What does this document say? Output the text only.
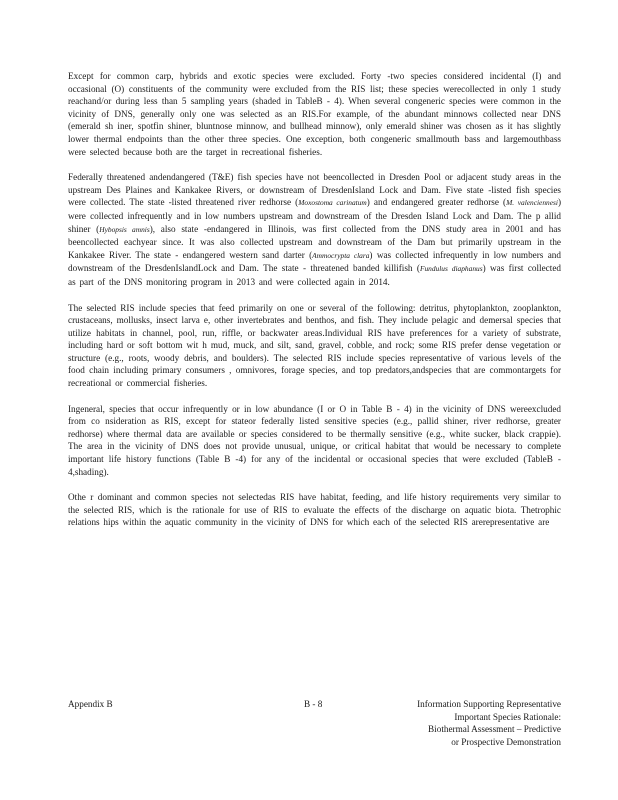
Except for common carp, hybrids and exotic species were excluded. Forty -two species considered incidental (I) and occasional (O) constituents of the community were excluded from the RIS list; these species werecollected in only 1 study reachand/or during less than 5 sampling years (shaded in TableB - 4). When several congeneric species were common in the vicinity of DNS, generally only one was selected as an RIS.For example, of the abundant minnows collected near DNS (emerald sh iner, spotfin shiner, bluntnose minnow, and bullhead minnow), only emerald shiner was chosen as it has slightly lower thermal endpoints than the other three species. One exception, both congeneric smallmouth bass and largemouthbass were selected because both are the target in recreational fisheries.

Federally threatened andendangered (T&E) fish species have not beencollected in Dresden Pool or adjacent study areas in the upstream Des Plaines and Kankakee Rivers, or downstream of DresdenIsland Lock and Dam. Five state -listed fish species were collected. The state -listed threatened river redhorse (Moxostoma carinatum) and endangered greater redhorse (M. valenciennesi) were collected infrequently and in low numbers upstream and downstream of the Dresden Island Lock and Dam. The p allid shiner (Hybopsis amnis), also state -endangered in Illinois, was first collected from the DNS study area in 2001 and has beencollected eachyear since. It was also collected upstream and downstream of the Dam but primarily upstream in the Kankakee River. The state - endangered western sand darter (Ammocrypta clara) was collected infrequently in low numbers and downstream of the DresdenIslandLock and Dam. The state - threatened banded killifish (Fundulus diaphanus) was first collected as part of the DNS monitoring program in 2013 and were collected again in 2014.

The selected RIS include species that feed primarily on one or several of the following: detritus, phytoplankton, zooplankton, crustaceans, mollusks, insect larva e, other invertebrates and benthos, and fish. They include pelagic and demersal species that utilize habitats in channel, pool, run, riffle, or backwater areas.Individual RIS have preferences for a variety of substrate, including hard or soft bottom wit h mud, muck, and silt, sand, gravel, cobble, and rock; some RIS prefer dense vegetation or structure (e.g., roots, woody debris, and boulders). The selected RIS include species representative of various levels of the food chain including primary consumers , omnivores, forage species, and top predators,andspecies that are commontargets for recreational or commercial fisheries.

Ingeneral, species that occur infrequently or in low abundance (I or O in Table B - 4) in the vicinity of DNS wereexcluded from co nsideration as RIS, except for stateor federally listed sensitive species (e.g., pallid shiner, river redhorse, greater redhorse) where thermal data are available or species considered to be thermally sensitive (e.g., white sucker, black crappie). The area in the vicinity of DNS does not provide unusual, unique, or critical habitat that would be necessary to complete important life history functions (Table B -4) for any of the incidental or occasional species that were excluded (TableB - 4,shading).

Othe r dominant and common species not selectedas RIS have habitat, feeding, and life history requirements very similar to the selected RIS, which is the rationale for use of RIS to evaluate the effects of the discharge on aquatic biota. Thetrophic relations hips within the aquatic community in the vicinity of DNS for which each of the selected RIS arerepresentative are

Appendix B	B - 8	Information Supporting Representative
Important Species Rationale:
Biothermal Assessment – Predictive
or Prospective Demonstration
